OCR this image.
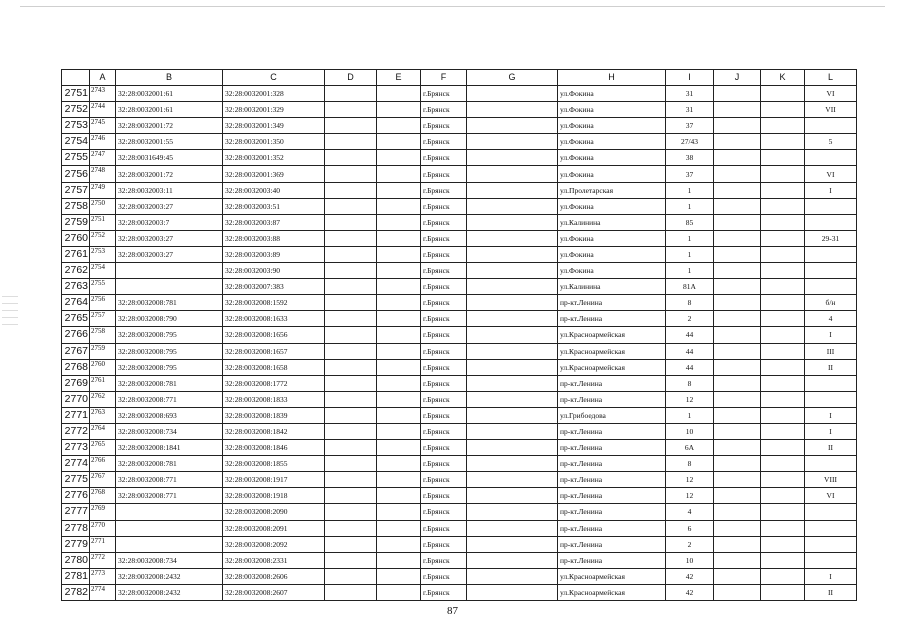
	A	B	C	D	E	F	G	H	I	J	K	L
2751	2743	32:28:0032001:61	32:28:0032001:328			г.Брянск		ул.Фокина	31			VI
2752	2744	32:28:0032001:61	32:28:0032001:329			г.Брянск		ул.Фокина	31			VII
2753	2745	32:28:0032001:72	32:28:0032001:349			г.Брянск		ул.Фокина	37			
2754	2746	32:28:0032001:55	32:28:0032001:350			г.Брянск		ул.Фокина	27/43			5
2755	2747	32:28:0031649:45	32:28:0032001:352			г.Брянск		ул.Фокина	38			
2756	2748	32:28:0032001:72	32:28:0032001:369			г.Брянск		ул.Фокина	37			VI
2757	2749	32:28:0032003:11	32:28:0032003:40			г.Брянск		ул.Пролетарская	1			I
2758	2750	32:28:0032003:27	32:28:0032003:51			г.Брянск		ул.Фокина	1			
2759	2751	32:28:0032003:7	32:28:0032003:87			г.Брянск		ул.Калинина	85			
2760	2752	32:28:0032003:27	32:28:0032003:88			г.Брянск		ул.Фокина	1			29-31
2761	2753	32:28:0032003:27	32:28:0032003:89			г.Брянск		ул.Фокина	1			
2762	2754		32:28:0032003:90			г.Брянск		ул.Фокина	1			
2763	2755		32:28:0032007:383			г.Брянск		ул.Калинина	81А			
2764	2756	32:28:0032008:781	32:28:0032008:1592			г.Брянск		пр-кт.Ленина	8			б/н
2765	2757	32:28:0032008:790	32:28:0032008:1633			г.Брянск		пр-кт.Ленина	2			4
2766	2758	32:28:0032008:795	32:28:0032008:1656			г.Брянск		ул.Красноармейская	44			I
2767	2759	32:28:0032008:795	32:28:0032008:1657			г.Брянск		ул.Красноармейская	44			III
2768	2760	32:28:0032008:795	32:28:0032008:1658			г.Брянск		ул.Красноармейская	44			II
2769	2761	32:28:0032008:781	32:28:0032008:1772			г.Брянск		пр-кт.Ленина	8			
2770	2762	32:28:0032008:771	32:28:0032008:1833			г.Брянск		пр-кт.Ленина	12			
2771	2763	32:28:0032008:693	32:28:0032008:1839			г.Брянск		ул.Грибоедова	1			I
2772	2764	32:28:0032008:734	32:28:0032008:1842			г.Брянск		пр-кт.Ленина	10			I
2773	2765	32:28:0032008:1841	32:28:0032008:1846			г.Брянск		пр-кт.Ленина	6А			II
2774	2766	32:28:0032008:781	32:28:0032008:1855			г.Брянск		пр-кт.Ленина	8			
2775	2767	32:28:0032008:771	32:28:0032008:1917			г.Брянск		пр-кт.Ленина	12			VIII
2776	2768	32:28:0032008:771	32:28:0032008:1918			г.Брянск		пр-кт.Ленина	12			VI
2777	2769		32:28:0032008:2090			г.Брянск		пр-кт.Ленина	4			
2778	2770		32:28:0032008:2091			г.Брянск		пр-кт.Ленина	6			
2779	2771		32:28:0032008:2092			г.Брянск		пр-кт.Ленина	2			
2780	2772	32:28:0032008:734	32:28:0032008:2331			г.Брянск		пр-кт.Ленина	10			
2781	2773	32:28:0032008:2432	32:28:0032008:2606			г.Брянск		ул.Красноармейская	42			I
2782	2774	32:28:0032008:2432	32:28:0032008:2607			г.Брянск		ул.Красноармейская	42			II
87
